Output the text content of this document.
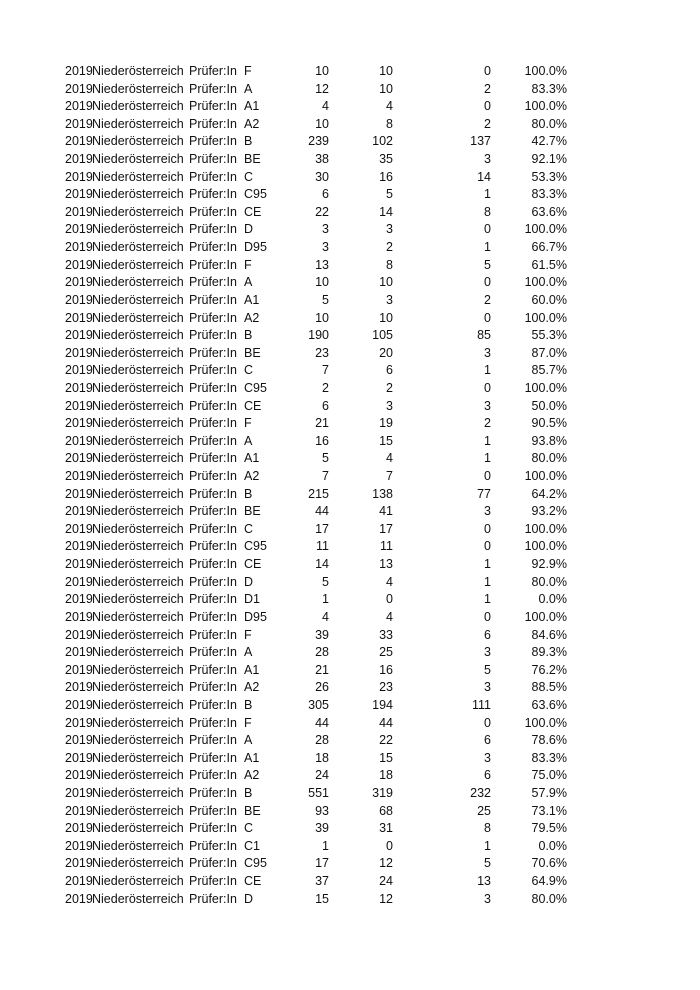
2019 Niederösterreich Prüfer:In F	10	10	0	100.0%
2019 Niederösterreich Prüfer:In A	12	10	2	83.3%
2019 Niederösterreich Prüfer:In A1	4	4	0	100.0%
2019 Niederösterreich Prüfer:In A2	10	8	2	80.0%
2019 Niederösterreich Prüfer:In B	239	102	137	42.7%
2019 Niederösterreich Prüfer:In BE	38	35	3	92.1%
2019 Niederösterreich Prüfer:In C	30	16	14	53.3%
2019 Niederösterreich Prüfer:In C95	6	5	1	83.3%
2019 Niederösterreich Prüfer:In CE	22	14	8	63.6%
2019 Niederösterreich Prüfer:In D	3	3	0	100.0%
2019 Niederösterreich Prüfer:In D95	3	2	1	66.7%
2019 Niederösterreich Prüfer:In F	13	8	5	61.5%
2019 Niederösterreich Prüfer:In A	10	10	0	100.0%
2019 Niederösterreich Prüfer:In A1	5	3	2	60.0%
2019 Niederösterreich Prüfer:In A2	10	10	0	100.0%
2019 Niederösterreich Prüfer:In B	190	105	85	55.3%
2019 Niederösterreich Prüfer:In BE	23	20	3	87.0%
2019 Niederösterreich Prüfer:In C	7	6	1	85.7%
2019 Niederösterreich Prüfer:In C95	2	2	0	100.0%
2019 Niederösterreich Prüfer:In CE	6	3	3	50.0%
2019 Niederösterreich Prüfer:In F	21	19	2	90.5%
2019 Niederösterreich Prüfer:In A	16	15	1	93.8%
2019 Niederösterreich Prüfer:In A1	5	4	1	80.0%
2019 Niederösterreich Prüfer:In A2	7	7	0	100.0%
2019 Niederösterreich Prüfer:In B	215	138	77	64.2%
2019 Niederösterreich Prüfer:In BE	44	41	3	93.2%
2019 Niederösterreich Prüfer:In C	17	17	0	100.0%
2019 Niederösterreich Prüfer:In C95	11	11	0	100.0%
2019 Niederösterreich Prüfer:In CE	14	13	1	92.9%
2019 Niederösterreich Prüfer:In D	5	4	1	80.0%
2019 Niederösterreich Prüfer:In D1	1	0	1	0.0%
2019 Niederösterreich Prüfer:In D95	4	4	0	100.0%
2019 Niederösterreich Prüfer:In F	39	33	6	84.6%
2019 Niederösterreich Prüfer:In A	28	25	3	89.3%
2019 Niederösterreich Prüfer:In A1	21	16	5	76.2%
2019 Niederösterreich Prüfer:In A2	26	23	3	88.5%
2019 Niederösterreich Prüfer:In B	305	194	111	63.6%
2019 Niederösterreich Prüfer:In F	44	44	0	100.0%
2019 Niederösterreich Prüfer:In A	28	22	6	78.6%
2019 Niederösterreich Prüfer:In A1	18	15	3	83.3%
2019 Niederösterreich Prüfer:In A2	24	18	6	75.0%
2019 Niederösterreich Prüfer:In B	551	319	232	57.9%
2019 Niederösterreich Prüfer:In BE	93	68	25	73.1%
2019 Niederösterreich Prüfer:In C	39	31	8	79.5%
2019 Niederösterreich Prüfer:In C1	1	0	1	0.0%
2019 Niederösterreich Prüfer:In C95	17	12	5	70.6%
2019 Niederösterreich Prüfer:In CE	37	24	13	64.9%
2019 Niederösterreich Prüfer:In D	15	12	3	80.0%
